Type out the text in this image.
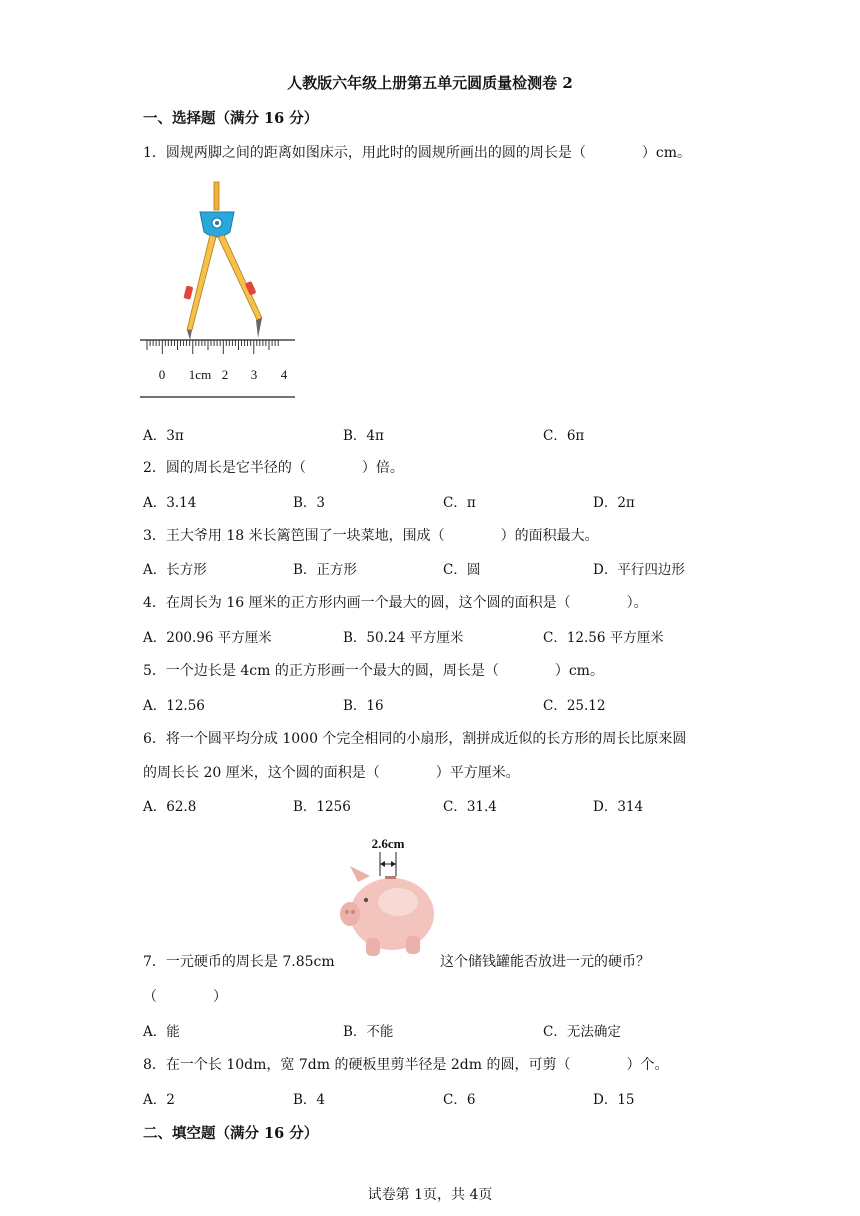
人教版六年级上册第五单元圆质量检测卷 2
一、选择题（满分 16 分）
1．圆规两脚之间的距离如图床示，用此时的圆规所画出的圆的周长是（　　　　）cm。
0 1cm 2 3 4
A．3π	B．4π	C．6π
2．圆的周长是它半径的（　　　　）倍。
A．3.14	B．3	C．π	D．2π
3．王大爷用 18 米长篱笆围了一块菜地，围成（　　　　）的面积最大。
A．长方形	B．正方形	C．圆	D．平行四边形
4．在周长为 16 厘米的正方形内画一个最大的圆，这个圆的面积是（　　　　）。
A．200.96 平方厘米	B．50.24 平方厘米	C．12.56 平方厘米
5．一个边长是 4cm 的正方形画一个最大的圆，周长是（　　　　）cm。
A．12.56	B．16	C．25.12
6．将一个圆平均分成 1000 个完全相同的小扇形，割拼成近似的长方形的周长比原来圆
的周长长 20 厘米，这个圆的面积是（　　　　）平方厘米。
A．62.8	B．1256	C．31.4	D．314
2.6cm
7．一元硬币的周长是 7.85cm	这个储钱罐能否放进一元的硬币？
（　　　　）
A．能	B．不能	C．无法确定
8．在一个长 10dm，宽 7dm 的硬板里剪半径是 2dm 的圆，可剪（　　　　）个。
A．2	B．4	C．6	D．15
二、填空题（满分 16 分）
试卷第 1页，共 4页
